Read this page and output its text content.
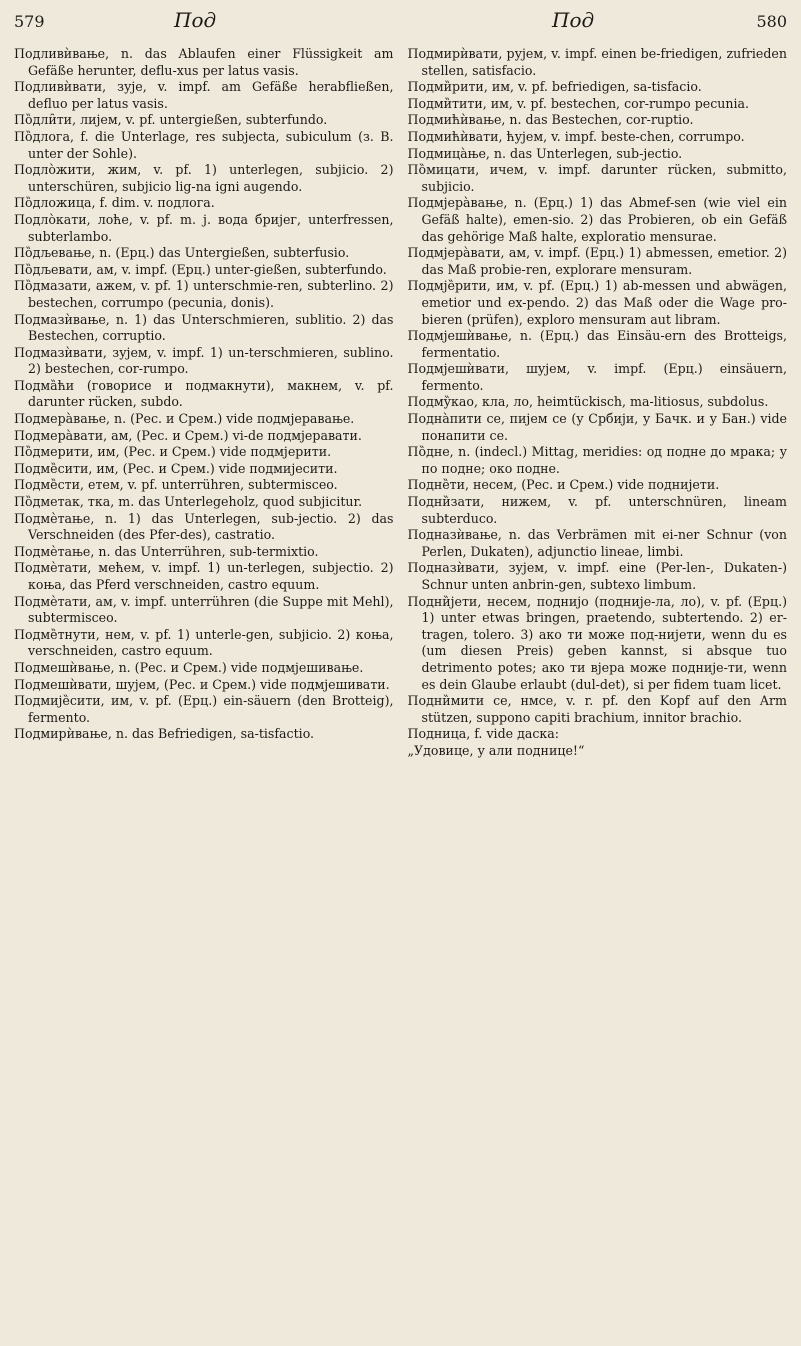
579	Под	Под	580

Подливѝвање, n. das Ablaufen einer Flüssigkeit am Gefäße herunter, deflu-xus per latus vasis.

Подливѝвати, зује, v. impf. am Gefäße herabfließen, defluo per latus vasis.

По̏дли̑ти, лијем, v. pf. untergießen, subterfundo.

По̏длога, f. die Unterlage, res subjecta, subiculum (з. B. unter der Sohle).

Подло̀жити, жим, v. pf. 1) unterlegen, subjicio. 2) unterschüren, subjicio lig-na igni augendo.

По̏дложица, f. dim. v. подлога.

Подло̀кати, лоће, v. pf. m. j. вода бријег, unterfressen, subterlambo.

По̏дљевање, n. (Ерц.) das Untergießen, subterfusio.

По̏дљевати, ам, v. impf. (Ерц.) unter-gießen, subterfundo.

По̏дмазати, ажем, v. pf. 1) unterschmie-ren, subterlino. 2) bestechen, corrumpo (pecunia, donis).

Подмазѝвање, n. 1) das Unterschmieren, sublitio. 2) das Bestechen, corruptio.

Подмазѝвати, зујем, v. impf. 1) un-terschmieren, sublino. 2) bestechen, cor-rumpo.

Подма̏ћи (говорисе и подмакнути), макнем, v. pf. darunter rücken, subdo.

Подмера̀вање, n. (Рес. и Срем.) vide подмјеравање.

Подмера̀вати, ам, (Рес. и Срем.) vi-de подмјеравати.

По̏дмерити, им, (Рес. и Срем.) vide подмјерити.

Подме̏сити, им, (Рес. и Срем.) vide подмијесити.

Подме̏сти, етем, v. pf. unterrühren, subtermisceo.

По̏дметак, тка, m. das Unterlegeholz, quod subjicitur.

Подмѐтање, n. 1) das Unterlegen, sub-jectio. 2) das Verschneiden (des Pfer-des), castratio.

Подмѐтање, n. das Unterrühren, sub-termixtio.

Подмѐтати, мећем, v. impf. 1) un-terlegen, subjectio. 2) коња, das Pferd verschneiden, castro equum.

Подмѐтати, ам, v. impf. unterrühren (die Suppe mit Mehl), subtermisceo.

Подме̏тнути, нем, v. pf. 1) unterle-gen, subjicio. 2) коња, verschneiden, castro equum.

Подмешѝвање, n. (Рес. и Срем.) vide подмјешивање.

Подмешѝвати, шујем, (Рес. и Срем.) vide подмјешивати.

Подмије̏сити, им, v. pf. (Ерц.) ein-säuern (den Brotteig), fermento.

Подмирѝвање, n. das Befriedigen, sa-tisfactio.

Подмирѝвати, рујем, v. impf. einen be-friedigen, zufrieden stellen, satisfacio.

Подми̏рити, им, v. pf. befriedigen, sa-tisfacio.

Подми̏тити, им, v. pf. bestechen, cor-rumpo pecunia.

Подмићѝвање, n. das Bestechen, cor-ruptio.

Подмићѝвати, ћујем, v. impf. beste-chen, corrumpo.

Подмица̀ње, n. das Unterlegen, sub-jectio.

По̏мицати, ичем, v. impf. darunter rücken, submitto, subjicio.

Подмјера̀вање, n. (Ерц.) 1) das Abmef-sen (wie viel ein Gefäß halte), emen-sio. 2) das Probieren, ob ein Gefäß das gehörige Maß halte, exploratio mensurae.

Подмјера̀вати, ам, v. impf. (Ерц.) 1) abmessen, emetior. 2) das Maß probie-ren, explorare mensuram.

Подмје̏рити, им, v. pf. (Ерц.) 1) ab-messen und abwägen, emetior und ex-pendo. 2) das Maß oder die Wage pro-bieren (prüfen), exploro mensuram aut libram.

Подмјешѝвање, n. (Ерц.) das Einsäu-ern des Brotteigs, fermentatio.

Подмјешѝвати, шујем, v. impf. (Ерц.) einsäuern, fermento.

Подму̏као, кла, ло, heimtückisch, ma-litiosus, subdolus.

Подна̀пити се, пијем се (у Србији, у Бачк. и у Бан.) vide понапити се.

По̏дне, n. (indecl.) Mittag, meridies: од подне до мрака; у по подне; око подне.

Подне̏ти, несем, (Рес. и Срем.) vide поднијети.

Подни̏зати, нижем, v. pf. unterschnüren, lineam subterduco.

Подназѝвање, n. das Verbrämen mit ei-ner Schnur (von Perlen, Dukaten), adjunctio lineae, limbi.

Подназѝвати, зујем, v. impf. eine (Per-len-, Dukaten-) Schnur unten anbrin-gen, subtexo limbum.

Подни̏јети, несем, поднијо (подније-ла, ло), v. pf. (Ерц.) 1) unter etwas bringen, praetendo, subtertendo. 2) er-tragen, tolero. 3) ако ти може под-нијети, wenn du es (um diesen Preis) geben kannst, si absque tuo detrimento potes; ако ти вјера може подније-ти, wenn es dein Glaube erlaubt (dul-det), si per fidem tuam licet.

Подни̏мити се, нмсе, v. r. pf. den Kopf auf den Arm stützen, suppono capiti brachium, innitor brachio.

Подница, f. vide даска:

„Удовице, у али поднице!“
